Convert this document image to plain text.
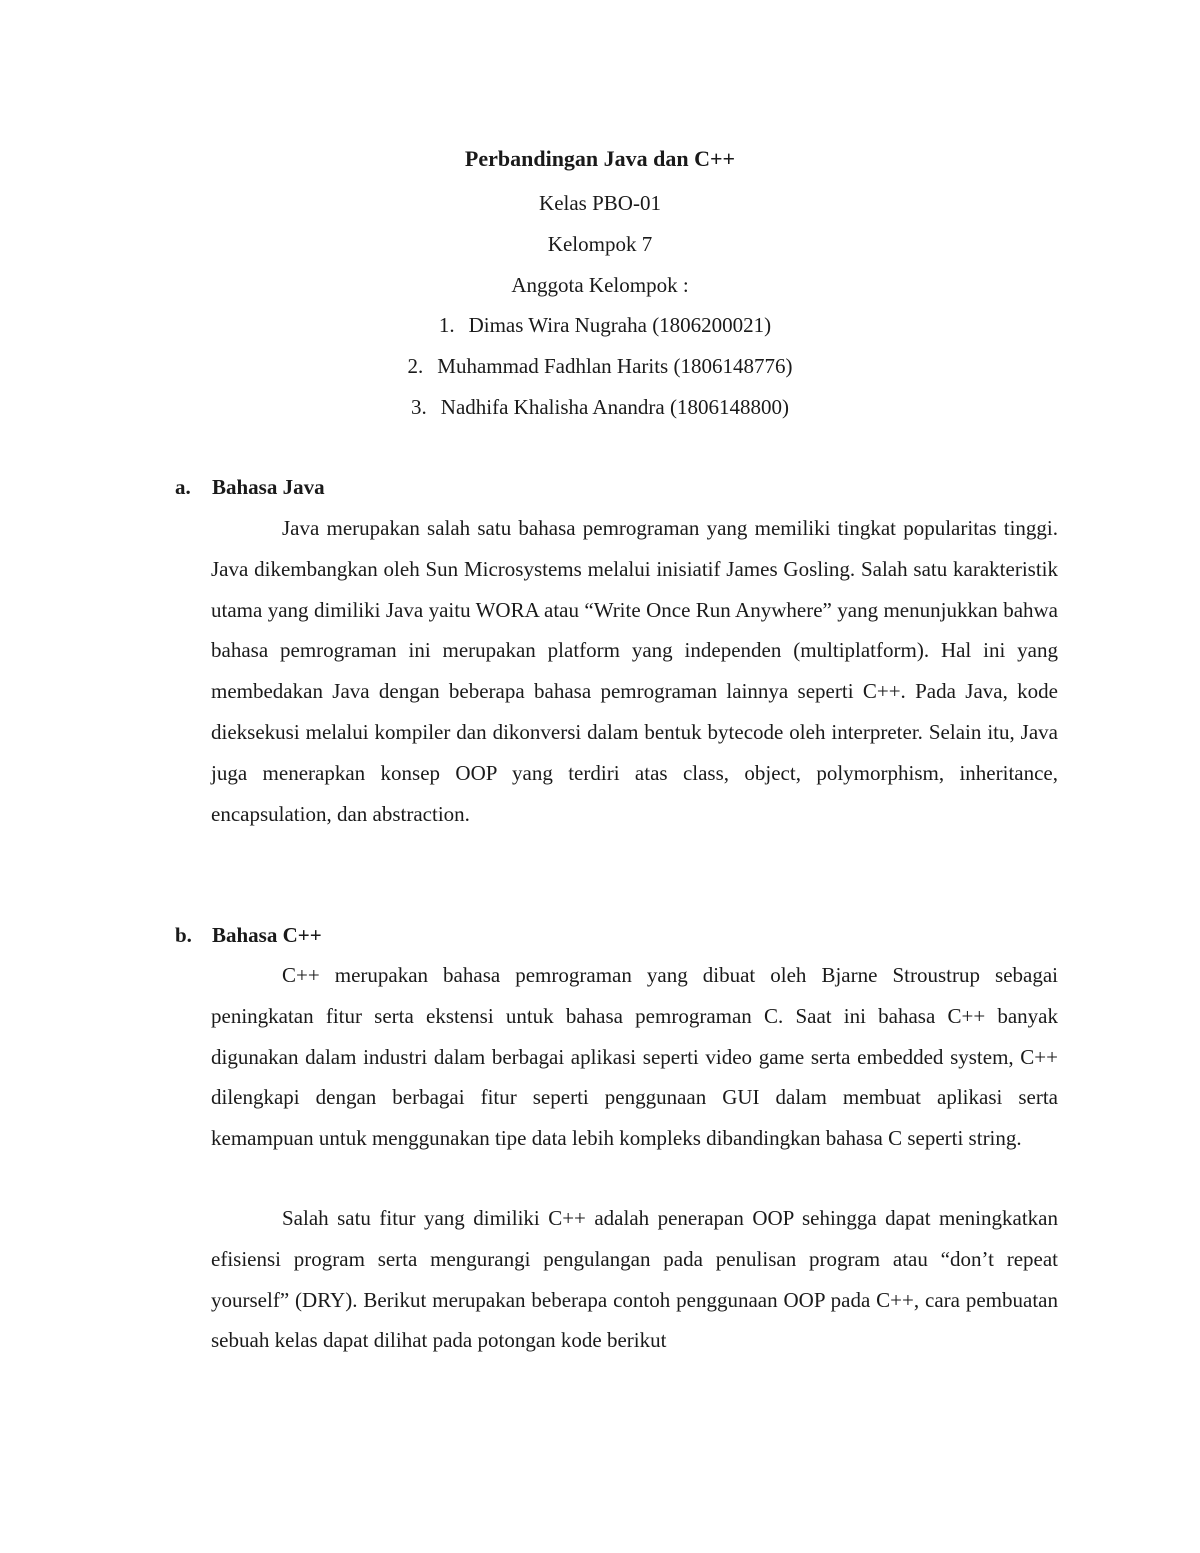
Perbandingan Java dan C++
Kelas PBO-01
Kelompok 7
Anggota Kelompok :
1. Dimas Wira Nugraha (1806200021)
2. Muhammad Fadhlan Harits (1806148776)
3. Nadhifa Khalisha Anandra (1806148800)
a. Bahasa Java

Java merupakan salah satu bahasa pemrograman yang memiliki tingkat popularitas tinggi. Java dikembangkan oleh Sun Microsystems melalui inisiatif James Gosling. Salah satu karakteristik utama yang dimiliki Java yaitu WORA atau “Write Once Run Anywhere” yang menunjukkan bahwa bahasa pemrograman ini merupakan platform yang independen (multiplatform). Hal ini yang membedakan Java dengan beberapa bahasa pemrograman lainnya seperti C++. Pada Java, kode dieksekusi melalui kompiler dan dikonversi dalam bentuk bytecode oleh interpreter. Selain itu, Java juga menerapkan konsep OOP yang terdiri atas class, object, polymorphism, inheritance, encapsulation, dan abstraction.

b. Bahasa C++

C++ merupakan bahasa pemrograman yang dibuat oleh Bjarne Stroustrup sebagai peningkatan fitur serta ekstensi untuk bahasa pemrograman C. Saat ini bahasa C++ banyak digunakan dalam industri dalam berbagai aplikasi seperti video game serta embedded system, C++ dilengkapi dengan berbagai fitur seperti penggunaan GUI dalam membuat aplikasi serta kemampuan untuk menggunakan tipe data lebih kompleks dibandingkan bahasa C seperti string.

Salah satu fitur yang dimiliki C++ adalah penerapan OOP sehingga dapat meningkatkan efisiensi program serta mengurangi pengulangan pada penulisan program atau “don’t repeat yourself” (DRY). Berikut merupakan beberapa contoh penggunaan OOP pada C++, cara pembuatan sebuah kelas dapat dilihat pada potongan kode berikut
